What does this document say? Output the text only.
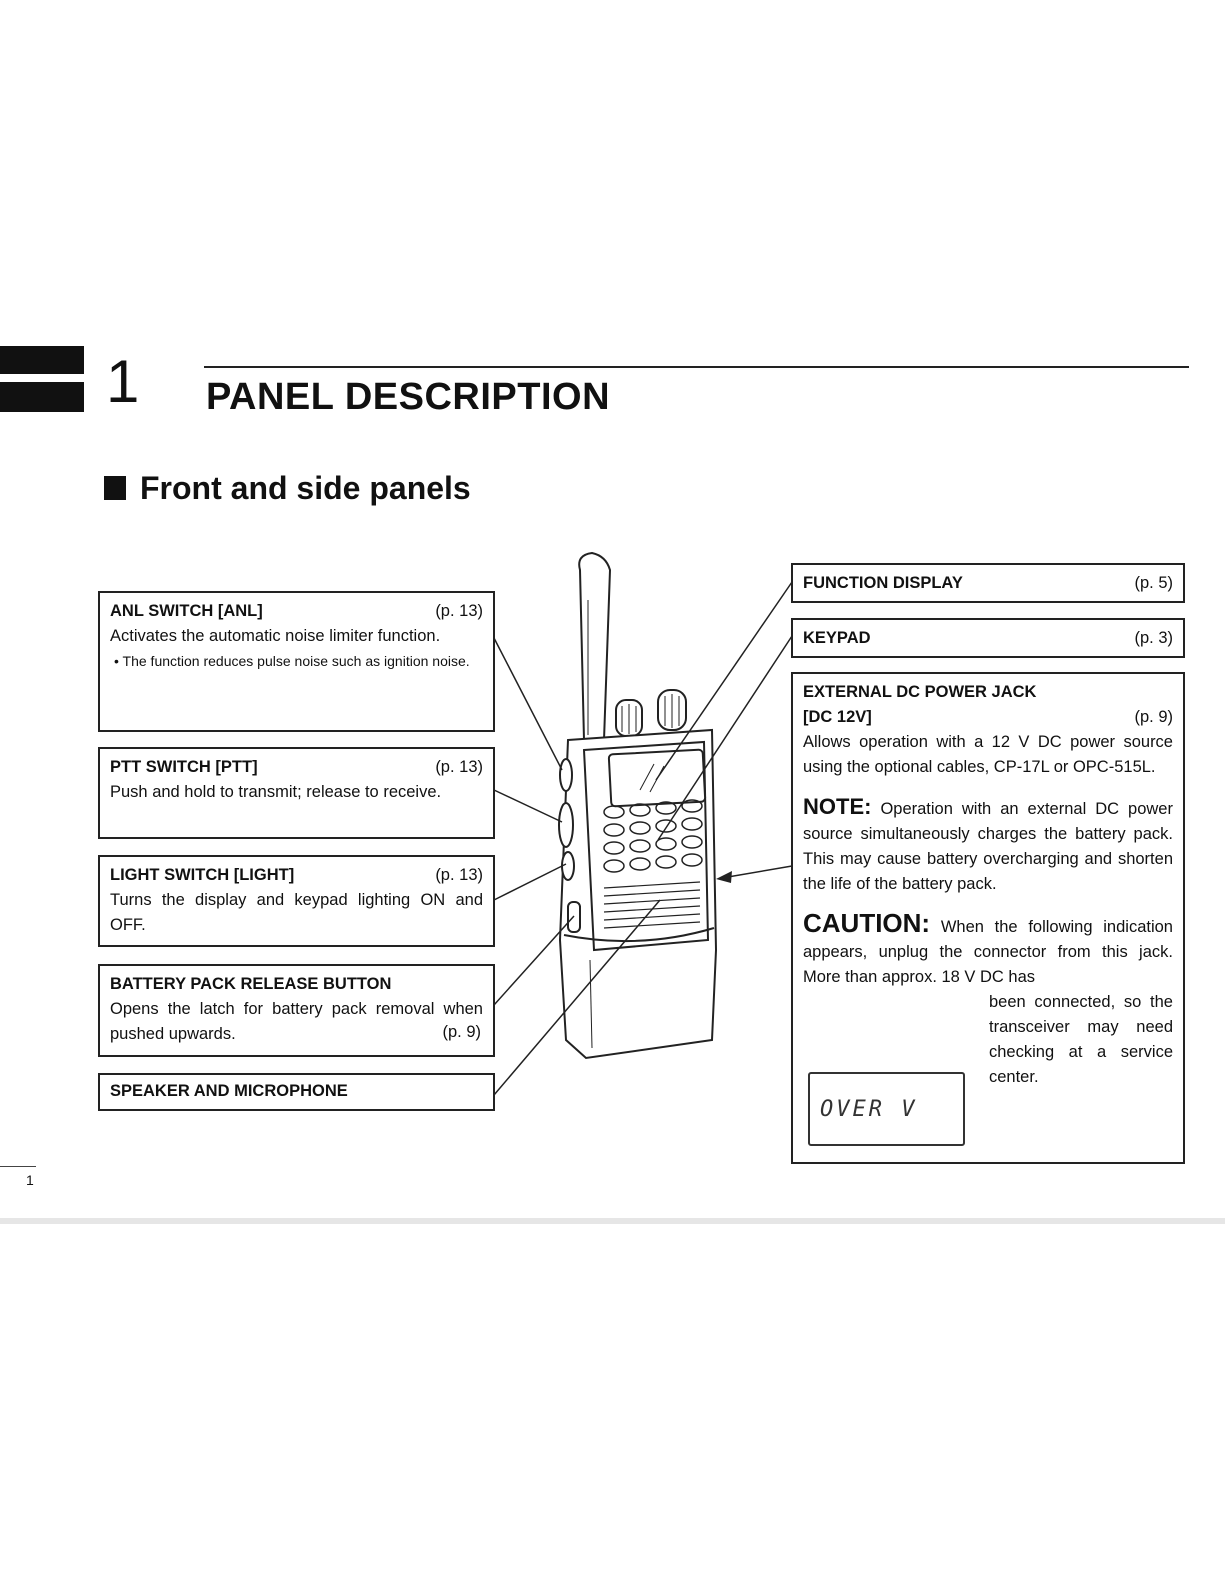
1 PANEL DESCRIPTION
Front and side panels
ANL SWITCH [ANL]	(p. 13)

Activates the automatic noise limiter function.

• The function reduces pulse noise such as ignition noise.

PTT SWITCH [PTT]	(p. 13)

Push and hold to transmit; release to receive.

LIGHT SWITCH [LIGHT]	(p. 13)

Turns the display and keypad lighting ON and OFF.

BATTERY PACK RELEASE BUTTON

Opens the latch for battery pack removal when pushed upwards.	(p. 9)
SPEAKER AND MICROPHONE
FUNCTION DISPLAY	(p. 5)
KEYPAD	(p. 3)
EXTERNAL DC POWER JACK
[DC 12V]	(p. 9)

Allows operation with a 12 V DC power source using the optional cables, CP-17L or OPC-515L.

NOTE: Operation with an external DC power source simultaneously charges the battery pack. This may cause battery overcharging and shorten the life of the battery pack.

CAUTION: When the following indication appears, unplug the connector from this jack. More than approx. 18 V DC has

been connected, so the transceiver may need checking at a service center.

OVER V
1
